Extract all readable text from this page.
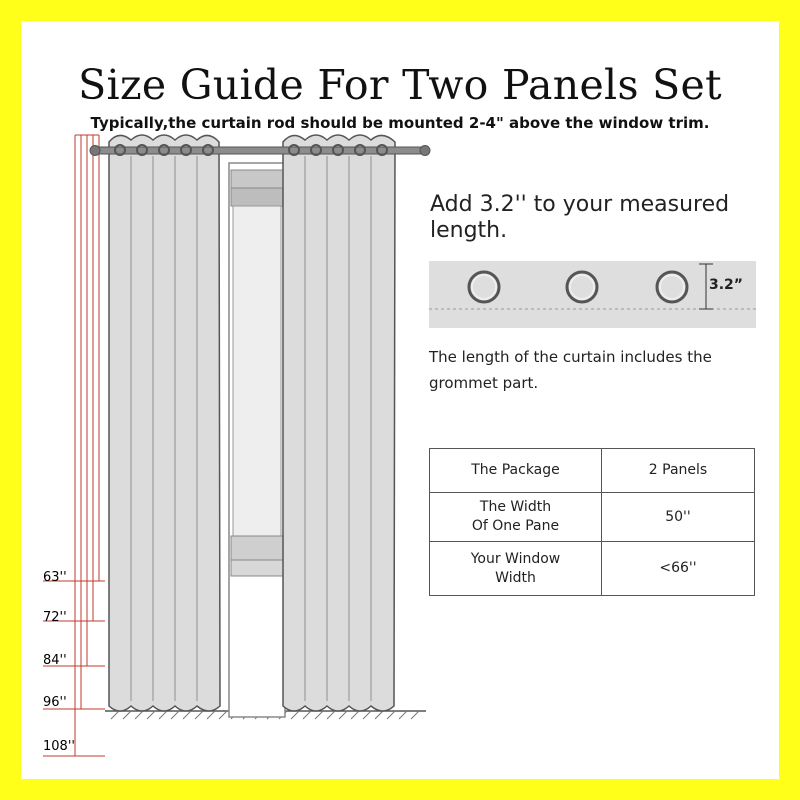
Size Guide For Two Panels Set
Typically,the curtain rod should be mounted 2-4" above the window trim.
63''
72''
84''
96''
108''
Add 3.2'' to your measured length.
3.2”
The length of the curtain includes the grommet part.
The Package	2 Panels
The Width
Of One Pane	50''
Your Window
Width	<66''
